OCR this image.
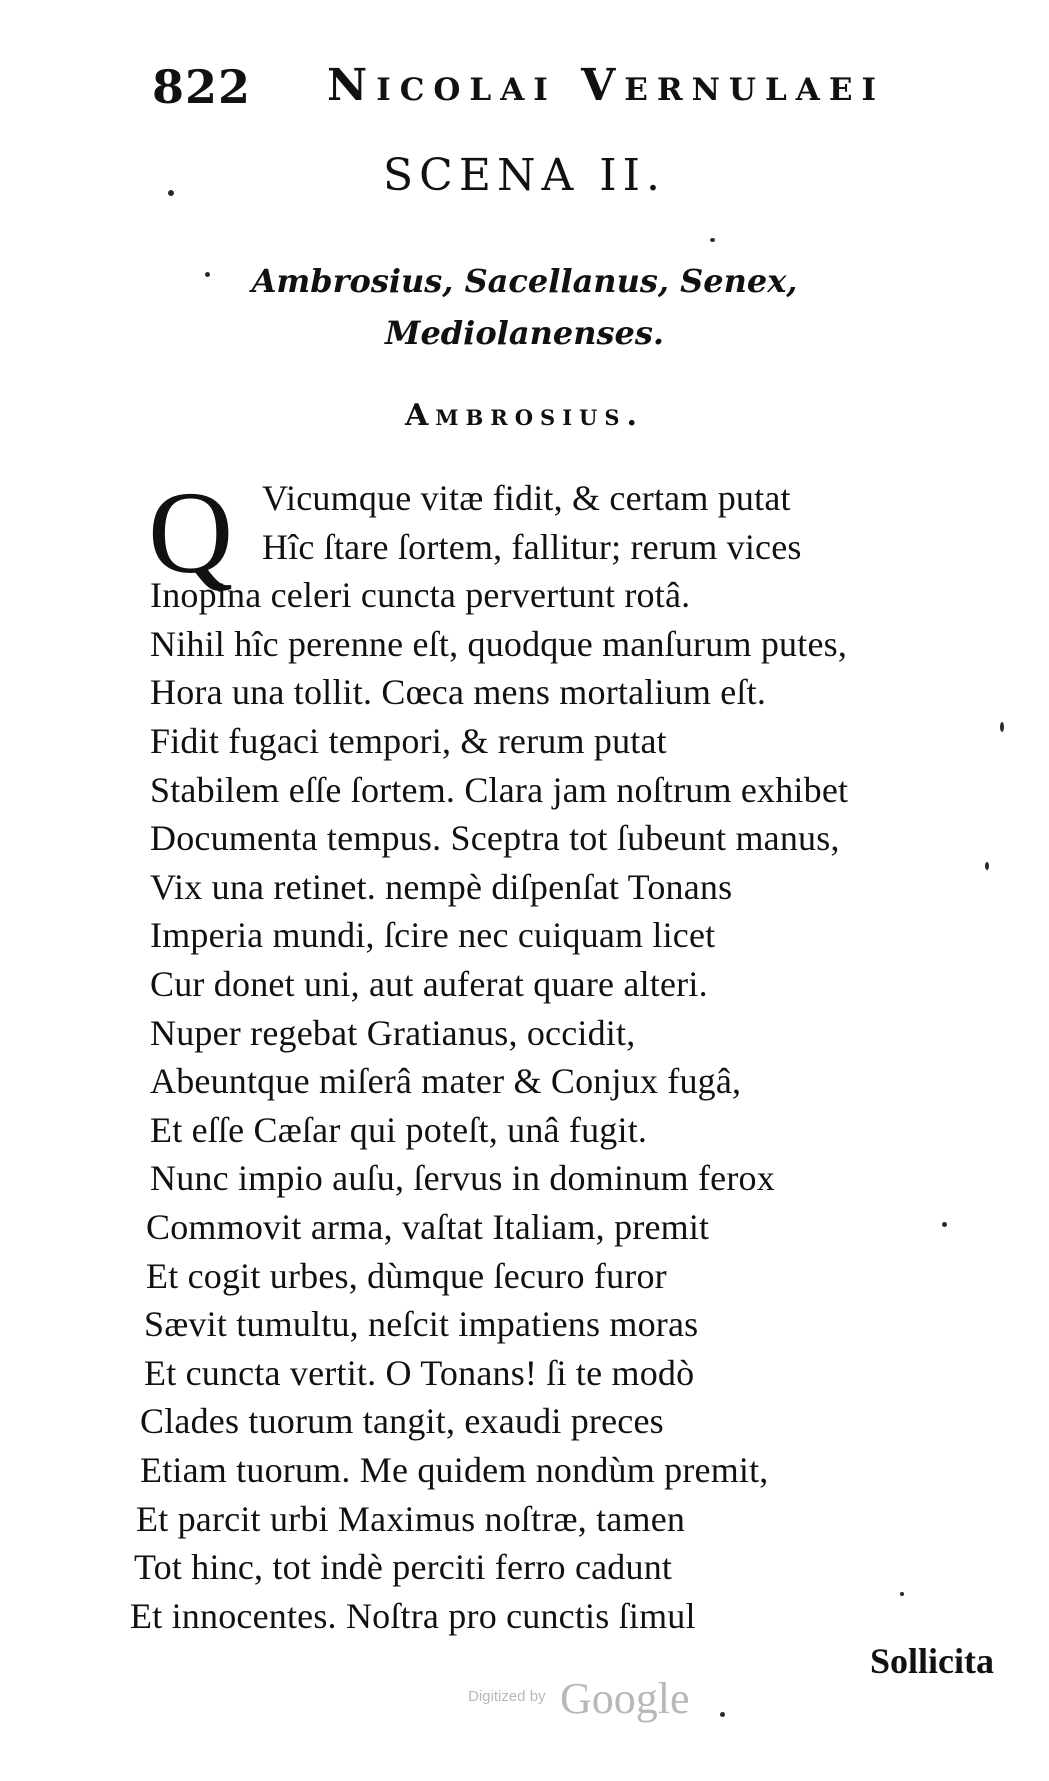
822 Nicolai Vernulaei
SCENA II.
Ambrosius, Sacellanus, Senex,
Mediolanenses.
Ambrosius.
Q Vicumque vitæ fidit, & certam putat
Hîc ſtare ſortem, fallitur; rerum vices
Inopina celeri cuncta pervertunt rotâ.
Nihil hîc perenne eſt, quodque manſurum putes,
Hora una tollit. Cœca mens mortalium eſt.
Fidit fugaci tempori, & rerum putat
Stabilem eſſe ſortem. Clara jam noſtrum exhibet
Documenta tempus. Sceptra tot ſubeunt manus,
Vix una retinet. nempè diſpenſat Tonans
Imperia mundi, ſcire nec cuiquam licet
Cur donet uni, aut auferat quare alteri.
Nuper regebat Gratianus, occidit,
Abeuntque miſerâ mater & Conjux fugâ,
Et eſſe Cæſar qui poteſt, unâ fugit.
Nunc impio auſu, ſervus in dominum ferox
Commovit arma, vaſtat Italiam, premit
Et cogit urbes, dùmque ſecuro furor
Sævit tumultu, neſcit impatiens moras
Et cuncta vertit. O Tonans! ſi te modò
Clades tuorum tangit, exaudi preces
Etiam tuorum. Me quidem nondùm premit,
Et parcit urbi Maximus noſtræ, tamen
Tot hinc, tot indè perciti ferro cadunt
Et innocentes. Noſtra pro cunctis ſimul
Sollicita
Digitized by Google
